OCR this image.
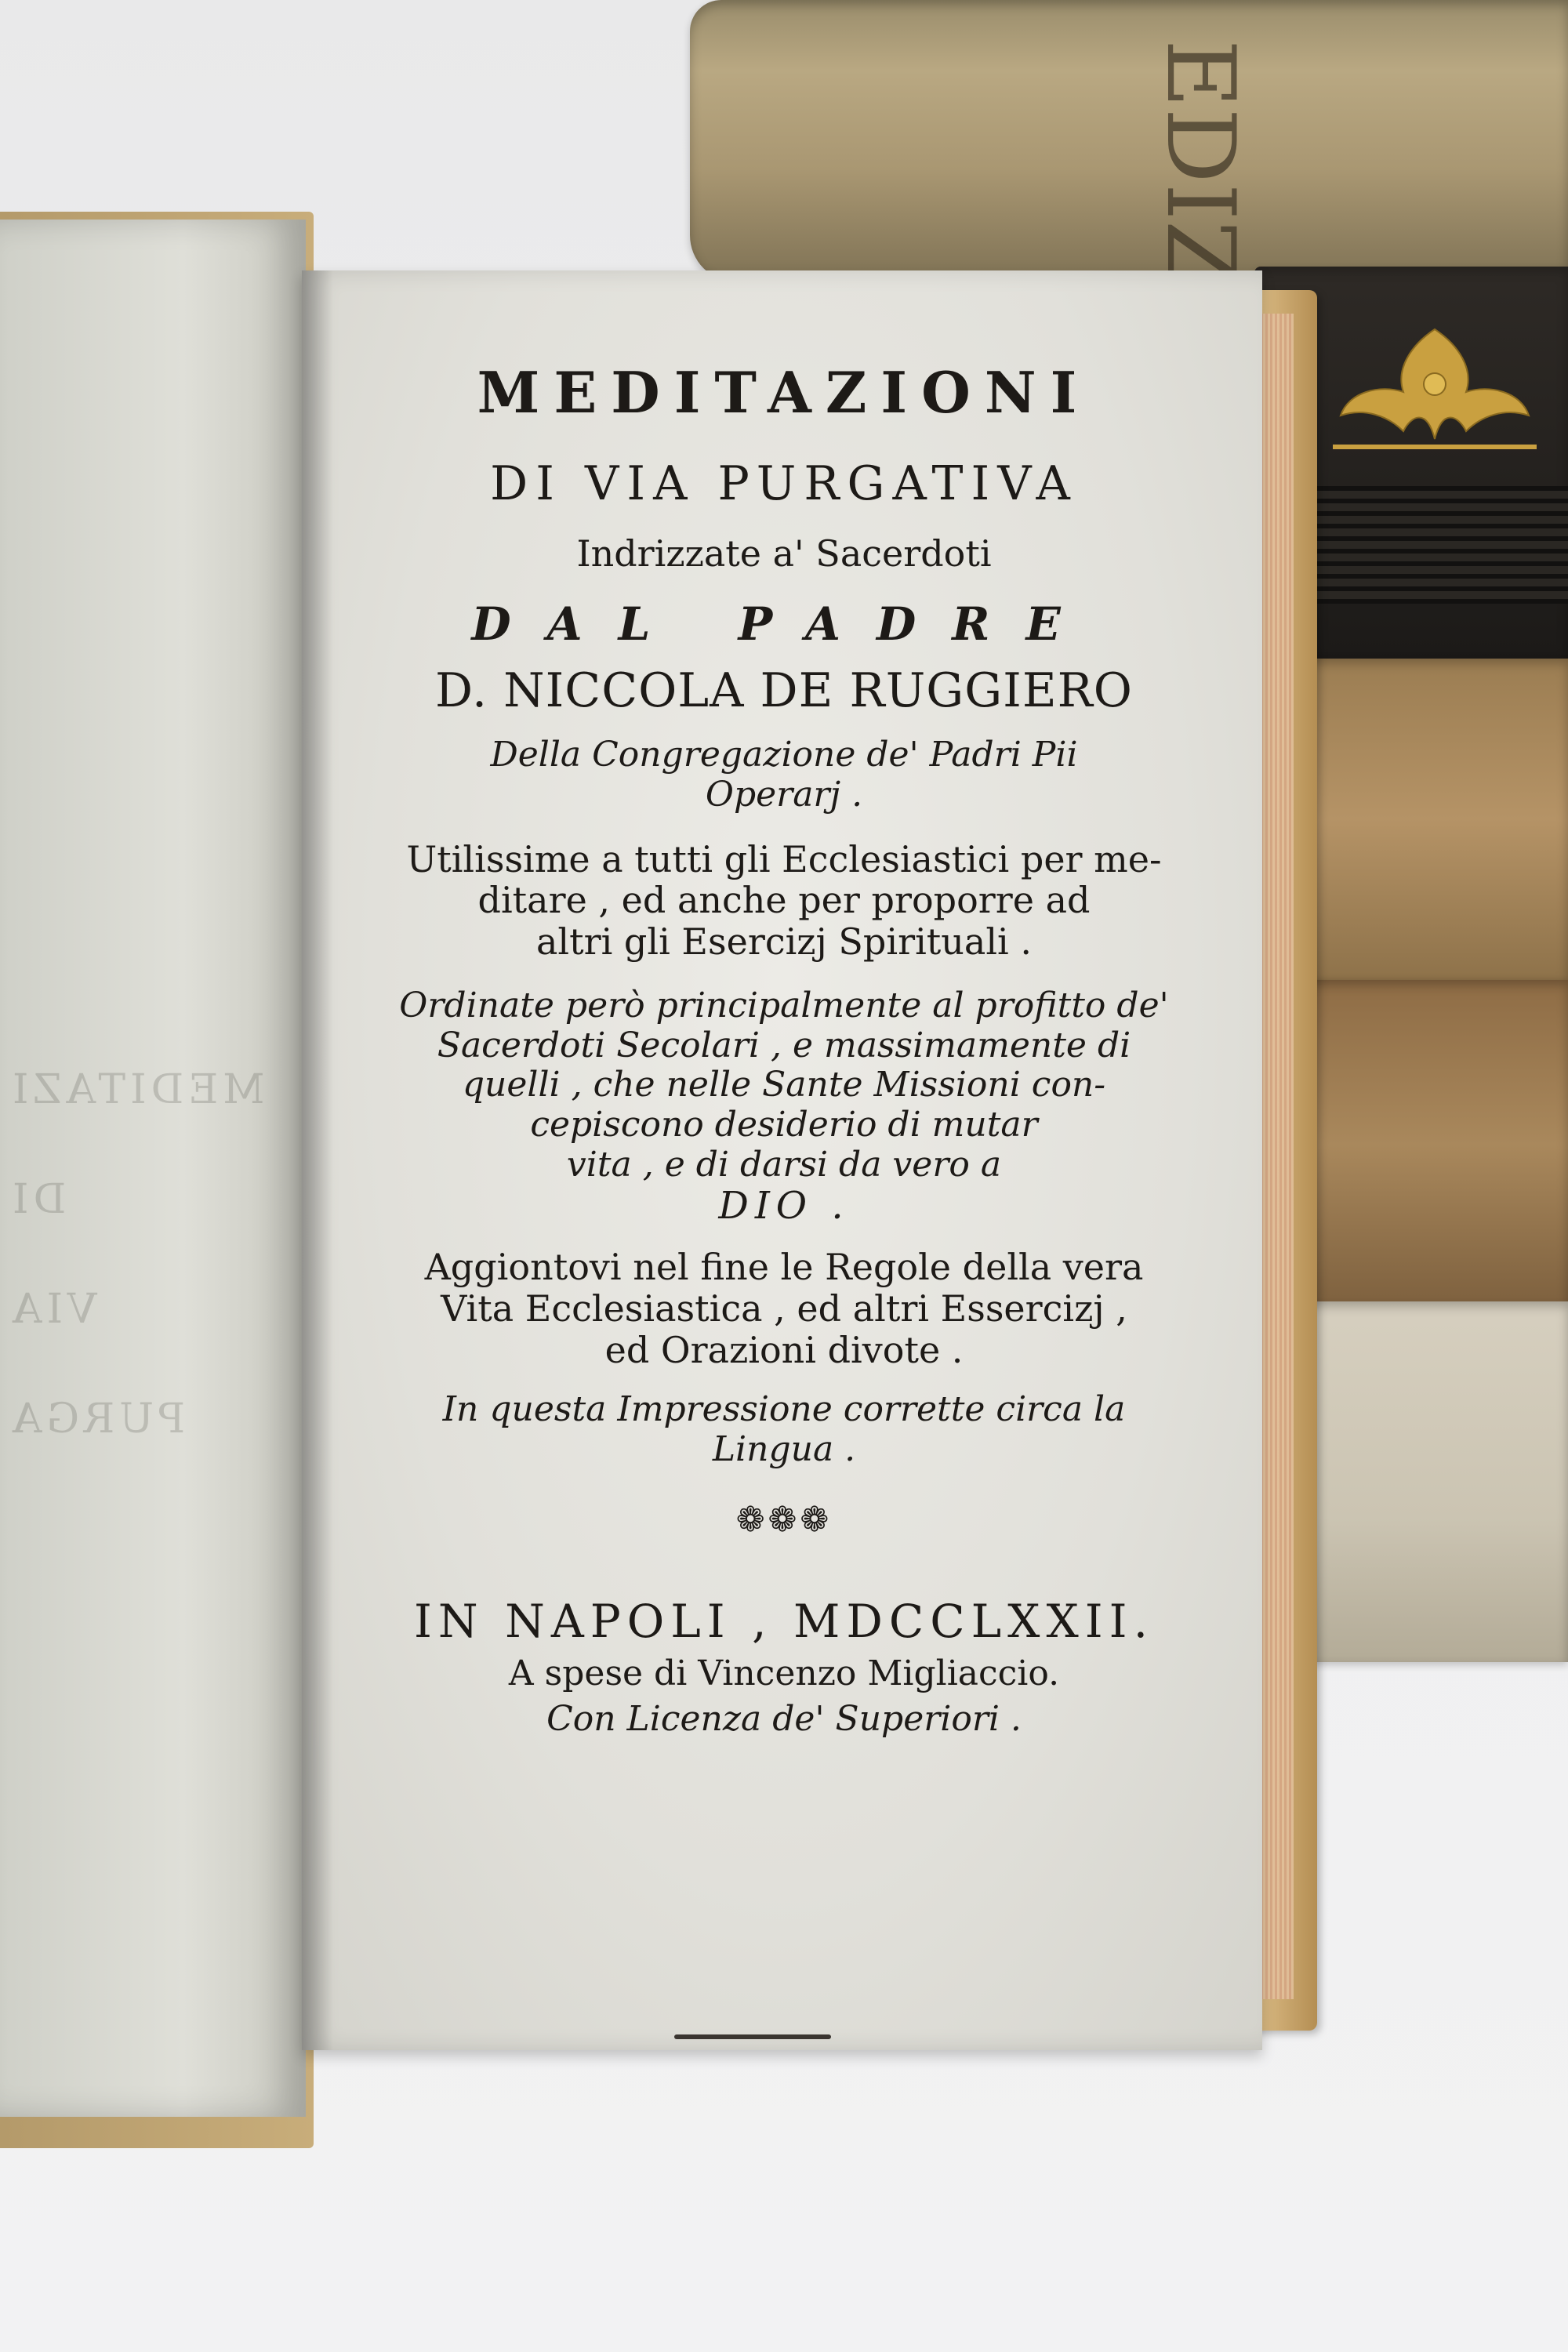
MEDITAZI
DI
VIA PURGA

MEDITAZIONI

DI VIA PURGATIVA

Indrizzate a' Sacerdoti

DAL PADRE

D. NICCOLA DE RUGGIERO

Della Congregazione de' Padri Pii

Operarj .

Utilissime a tutti gli Ecclesiastici per me-

ditare , ed anche per proporre ad

altri gli Esercizj Spirituali .

Ordinate però principalmente al profitto de'

Sacerdoti Secolari , e massimamente di

quelli , che nelle Sante Missioni con-

cepiscono desiderio di mutar

vita , e di darsi da vero a

DIO .

Aggiontovi nel fine le Regole della vera

Vita Ecclesiastica , ed altri Essercizj ,

ed Orazioni divote .

In questa Impressione corrette circa la

Lingua .

❁❁❁

IN NAPOLI , MDCCLXXII.

A spese di Vincenzo Migliaccio.

Con Licenza de' Superiori .
